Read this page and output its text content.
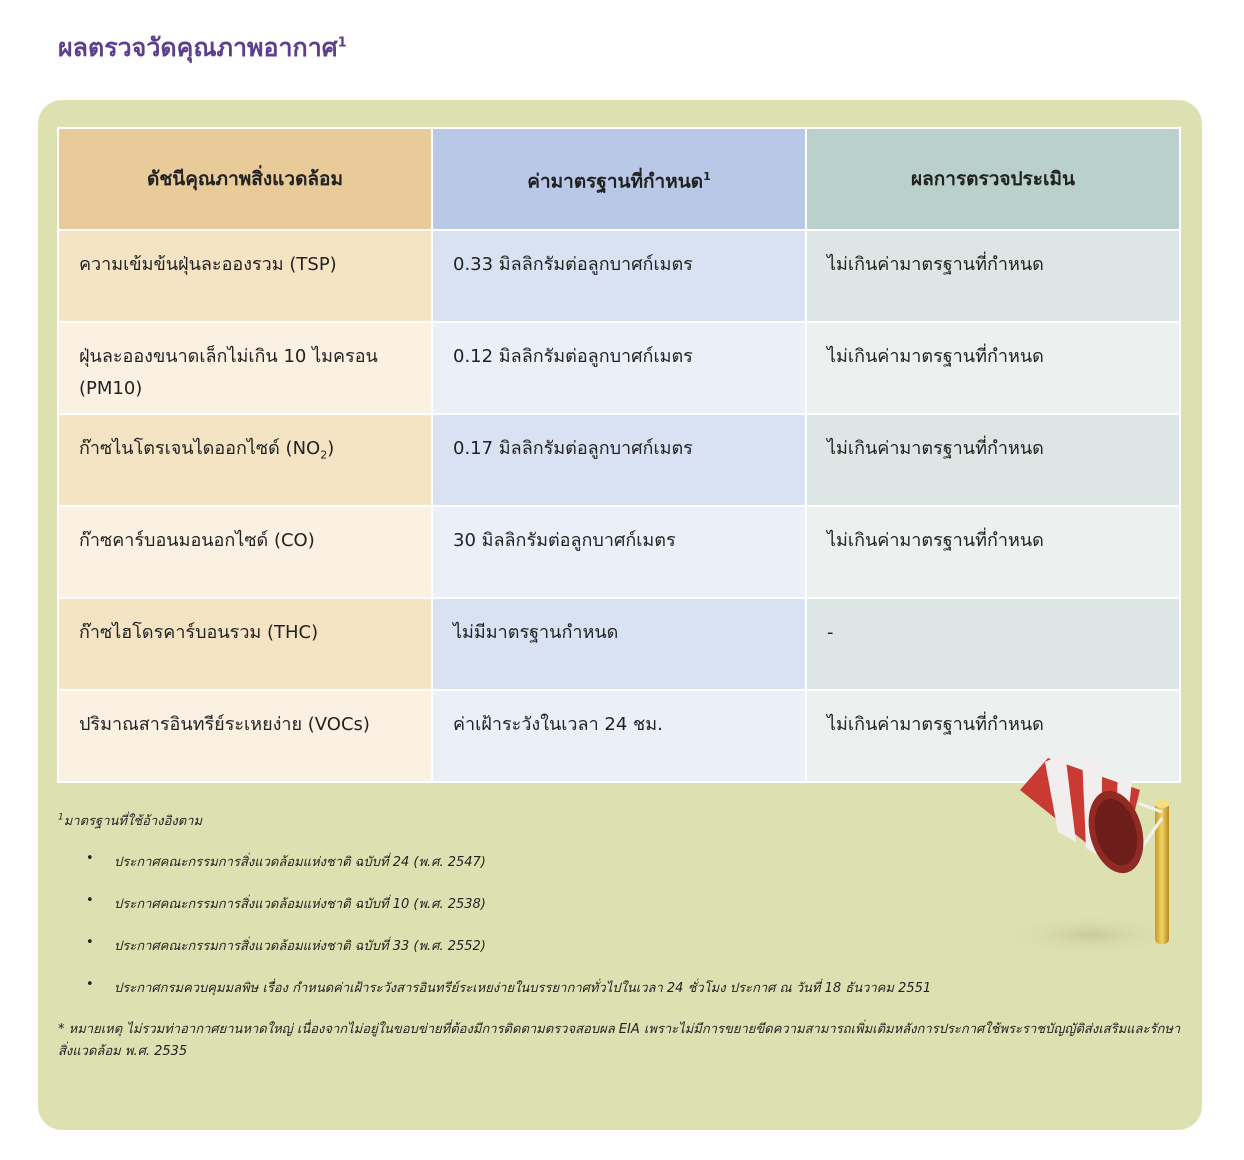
ผลตรวจวัดคุณภาพอากาศ$^1$
ดัชนีคุณภาพสิ่งแวดล้อม	ค่ามาตรฐานที่กำหนด$^1$	ผลการตรวจประเมิน
ความเข้มข้นฝุ่นละอองรวม (TSP)	0.33 มิลลิกรัมต่อลูกบาศก์เมตร	ไม่เกินค่ามาตรฐานที่กำหนด
ฝุ่นละอองขนาดเล็กไม่เกิน 10 ไมครอน (PM10)	0.12 มิลลิกรัมต่อลูกบาศก์เมตร	ไม่เกินค่ามาตรฐานที่กำหนด
ก๊าซไนโตรเจนไดออกไซด์ $(NO_2)$	0.17 มิลลิกรัมต่อลูกบาศก์เมตร	ไม่เกินค่ามาตรฐานที่กำหนด
ก๊าซคาร์บอนมอนอกไซด์ (CO)	30 มิลลิกรัมต่อลูกบาศก์เมตร	ไม่เกินค่ามาตรฐานที่กำหนด
ก๊าซไฮโดรคาร์บอนรวม (THC)	ไม่มีมาตรฐานกำหนด	-
ปริมาณสารอินทรีย์ระเหยง่าย (VOCs)	ค่าเฝ้าระวังในเวลา 24 ชม.	ไม่เกินค่ามาตรฐานที่กำหนด

$^1$มาตรฐานที่ใช้อ้างอิงตาม

• ประกาศคณะกรรมการสิ่งแวดล้อมแห่งชาติ ฉบับที่ 24 (พ.ศ. 2547)
• ประกาศคณะกรรมการสิ่งแวดล้อมแห่งชาติ ฉบับที่ 10 (พ.ศ. 2538)
• ประกาศคณะกรรมการสิ่งแวดล้อมแห่งชาติ ฉบับที่ 33 (พ.ศ. 2552)
• ประกาศกรมควบคุมมลพิษ เรื่อง กำหนดค่าเฝ้าระวังสารอินทรีย์ระเหยง่ายในบรรยากาศทั่วไปในเวลา 24 ชั่วโมง ประกาศ ณ วันที่ 18 ธันวาคม 2551

* หมายเหตุ ไม่รวมท่าอากาศยานหาดใหญ่ เนื่องจากไม่อยู่ในขอบข่ายที่ต้องมีการติดตามตรวจสอบผล EIA เพราะไม่มีการขยายขีดความสามารถเพิ่มเติมหลังการประกาศใช้พระราชบัญญัติส่งเสริมและรักษาสิ่งแวดล้อม พ.ศ. 2535
